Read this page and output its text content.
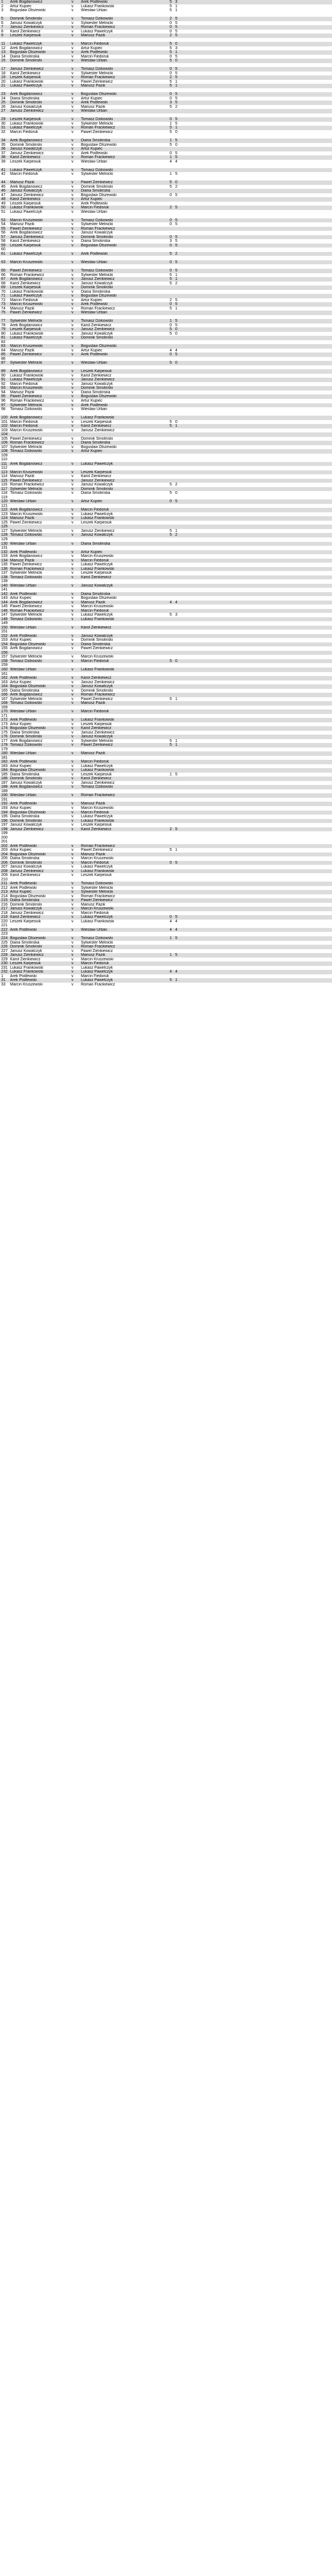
1	Arek Bogdanowicz	v	Arek Podlewski	5 3
2	Artur Kupiec	v	Lukasz Frankowski	5 1
3	Boguslaw Olszewski	v	Wieslaw Urban	5 1
5	Dominik Smolinski	v	Tomasz Dzikowski	2 5
6	Janusz Kowalczyk	v	Sylwester Melnicki	0 5
7	Janusz Zienkiewicz	v	Roman Frackiewicz	0 5
8	Karol Zienkiewicz	v	Lukasz Pawelczyk	0 5
9	Leszek Karpesiuk	v	Mariusz Pazik	2 5
11	Lukasz Pawelczyk	v	Marcin Fiedoruk	5 0
12	Arek Bogdanowicz	v	Artur Kupiec	5 3
13	Boguslaw Olszewski	v	Arek Podlewski	5 1
14	Diana Smolinska	v	Marcin Fiedoruk	0 5
15	Dominik Smolinski	v	Wieslaw Urban	5 0
17	Janusz Zienkiewicz	v	Tomasz Dzikowski	0 5
18	Karol Zienkiewicz	v	Sylwester Melnicki	0 5
19	Leszek Karpesiuk	v	Roman Frackiewicz	2 5
20	Lukasz Frankowski	v	Pawel Zienkiewicz	5 1
21	Lukasz Pawelczyk	v	Mariusz Pazik	5 1
23	Arek Bogdanowicz	v	Boguslaw Olszewski	0 5
24	Diana Smolinska	v	Artur Kupiec	0 5
25	Dominik Smolinski	v	Arek Podlewski	3 5
26	Janusz Kowalczyk	v	Mariusz Pazik	5 2
27	Janusz Zienkiewicz	v	Wieslaw Urban
29	Leszek Karpesiuk	v	Tomasz Dzikowski	0 5
30	Lukasz Frankowski	v	Sylwester Melnicki	1 5
31	Lukasz Pawelczyk	v	Roman Frackiewicz	5 1
32	Marcin Fiedoruk	v	Pawel Zienkiewicz	5 0
34	Arek Bogdanowicz	v	Diana Smolinska	1 5
35	Dominik Smolinski	v	Boguslaw Olszewski	5 0
36	Janusz Kowalczyk	v	Artur Kupiec
37	Janusz Zienkiewicz	v	Arek Podlewski	0 5
38	Karol Zienkiewicz	v	Roman Frackiewicz	1 5
39	Leszek Karpesiuk	v	Wieslaw Urban	4 4
41	Lukasz Pawelczyk	v	Tomasz Dzikowski
42	Marcin Fiedoruk	v	Sylwester Melnicki	1 5
44	Mariusz Pazik	v	Pawel Zienkiewicz	5 0
45	Arek Bogdanowicz	v	Dominik Smolinski	5 2
46	Janusz Kowalczyk	v	Diana Smolinska
47	Janusz Zienkiewicz	v	Boguslaw Olszewski	0 5
48	Karol Zienkiewicz	v	Artur Kupiec
49	Leszek Karpesiuk	v	Arek Podlewski
50	Lukasz Frankowski	v	Marcin Fiedoruk	2 5
51	Lukasz Pawelczyk	v	Wieslaw Urban
53	Marcin Kruszewski	v	Tomasz Dzikowski	0 5
54	Mariusz Pazik	v	Sylwester Melnicki	0 5
55	Pawel Zienkiewicz	v	Roman Frackiewicz
56	Arek Bogdanowicz	v	Janusz Kowalczyk
57	Janusz Zienkiewicz	v	Dominik Smolinski	0 5
58	Karol Zienkiewicz	v	Diana Smolinska	3 5
59	Leszek Karpesiuk	v	Boguslaw Olszewski	0 5
60
61	Lukasz Pawelczyk	v	Arek Podlewski	5 2
63	Marcin Kruszewski	v	Wieslaw Urban	0 5
65	Pawel Zienkiewicz	v	Tomasz Dzikowski	0 5
66	Roman Frackiewicz	v	Sylwester Melnicki	5 1
67	Arek Bogdanowicz	v	Janusz Zienkiewicz	5 1
68	Karol Zienkiewicz	v	Janusz Kowalczyk	5 2
69	Leszek Karpesiuk	v	Dominik Smolinski
70	Lukasz Frankowski	v	Diana Smolinska
71	Lukasz Pawelczyk	v	Boguslaw Olszewski
72	Marcin Fiedoruk	v	Artur Kupiec	2 5
73	Marcin Kruszewski	v	Arek Podlewski	0 5
74	Mariusz Pazik	v	Roman Frackiewicz	5 1
75	Pawel Zienkiewicz	v	Wieslaw Urban
77	Sylwester Melnicki	v	Tomasz Dzikowski	1 5
78	Arek Bogdanowicz	v	Karol Zienkiewicz	0 5
79	Leszek Karpesiuk	v	Janusz Zienkiewicz	5 0
80	Lukasz Frankowski	v	Janusz Kowalczyk	5 0
81	Lukasz Pawelczyk	v	Dominik Smolinski
82
83	Marcin Kruszewski	v	Boguslaw Olszewski
84	Mariusz Pazik	v	Artur Kupiec	4 4
85	Pawel Zienkiewicz	v	Arek Podlewski	0 5
86
87	Sylwester Melnicki	v	Wieslaw Urban	5 0
89	Arek Bogdanowicz	v	Leszek Karpesiuk
90	Lukasz Frankowski	v	Karol Zienkiewicz
91	Lukasz Pawelczyk	v	Janusz Zienkiewicz
92	Marcin Fiedoruk	v	Janusz Kowalczyk
93	Marcin Kruszewski	v	Dominik Smolinski
94	Mariusz Pazik	v	Diana Smolinska
95	Pawel Zienkiewicz	v	Boguslaw Olszewski
96	Roman Frackiewicz	v	Artur Kupiec
97	Sylwester Melnicki	v	Arek Podlewski
98	Tomasz Dzikowski	v	Wieslaw Urban
100 Arek Bogdanowicz	v	Lukasz Frankowski
101 Marcin Fiedoruk	v	Leszek Karpesiuk	5 0
102 Marcin Fiedoruk	v	Karol Zienkiewicz	5 1
103 Marcin Kruszewski	v	Janusz Zienkiewicz
104
105 Pawel Zienkiewicz	v	Dominik Smolinski
106 Roman Frackiewicz	v	Diana Smolinska
107 Sylwester Melnicki	v	Boguslaw Olszewski
108 Tomasz Dzikowski	v	Artur Kupiec
109
110
111 Arek Bogdanowicz	v	Lukasz Pawelczyk
112
113 Marcin Kruszewski	v	Leszek Karpesiuk
114 Mariusz Pazik	v	Karol Zienkiewicz
115 Pawel Zienkiewicz	v	Janusz Zienkiewicz
116 Roman Frackiewicz	v	Janusz Kowalczyk	5 2
117 Sylwester Melnicki	v	Dominik Smolinski
118 Tomasz Dzikowski	v	Diana Smolinska	5 0
119
120 Wieslaw Urban	v	Artur Kupiec	0 5
121
122 Arek Bogdanowicz	v	Marcin Fiedoruk
123 Marcin Kruszewski	v	Lukasz Pawelczyk
124 Mariusz Pazik	v	Lukasz Frankowski
125 Pawel Zienkiewicz	v	Leszek Karpesiuk
126
127 Sylwester Melnicki	v	Janusz Zienkiewicz	5 1
128 Tomasz Dzikowski	v	Janusz Kowalczyk	5 2
129
130 Wieslaw Urban	v	Diana Smolinska
131
132 Arek Podlewski	v	Artur Kupiec
133 Arek Bogdanowicz	v	Marcin Kruszewski
134 Mariusz Pazik	v	Marcin Fiedoruk
135 Pawel Zienkiewicz	v	Lukasz Pawelczyk
136 Roman Frackiewicz	v	Lukasz Frankowski
137 Sylwester Melnicki	v	Leszek Karpesiuk
138 Tomasz Dzikowski	v	Karol Zienkiewicz
139
140 Wieslaw Urban	v	Janusz Kowalczyk
141
142 Arek Podlewski	v	Diana Smolinska
143 Artur Kupiec	v	Boguslaw Olszewski
144 Arek Bogdanowicz	v	Mariusz Pazik	4 4
145 Pawel Zienkiewicz	v	Marcin Kruszewski
146 Roman Frackiewicz	v	Marcin Fiedoruk
147 Sylwester Melnicki	v	Lukasz Pawelczyk	5 3
148 Tomasz Dzikowski	v	Lukasz Frankowski
149
150 Wieslaw Urban	v	Karol Zienkiewicz
151
152 Arek Podlewski	v	Janusz Kowalczyk
153 Artur Kupiec	v	Dominik Smolinski
154 Boguslaw Olszewski	v	Diana Smolinska
155 Arek Bogdanowicz	v	Pawel Zienkiewicz
156
157 Sylwester Melnicki	v	Marcin Kruszewski
158 Tomasz Dzikowski	v	Marcin Fiedoruk	5 0
159
160 Wieslaw Urban	v	Lukasz Frankowski
161
162 Arek Podlewski	v	Karol Zienkiewicz
163 Artur Kupiec	v	Janusz Zienkiewicz
164 Boguslaw Olszewski	v	Janusz Kowalczyk
165 Diana Smolinska	v	Dominik Smolinski
166 Arek Bogdanowicz	v	Roman Frackiewicz
167 Sylwester Melnicki	v	Pawel Zienkiewicz	5 1
168 Tomasz Dzikowski	v	Mariusz Pazik
169
170 Wieslaw Urban	v	Marcin Fiedoruk
171
172 Arek Podlewski	v	Lukasz Frankowski
173 Artur Kupiec	v	Leszek Karpesiuk
174 Boguslaw Olszewski	v	Karol Zienkiewicz
175 Diana Smolinska	v	Janusz Zienkiewicz
176 Dominik Smolinski	v	Janusz Kowalczyk
177 Arek Bogdanowicz	v	Sylwester Melnicki	5 1
178 Tomasz Dzikowski	v	Pawel Zienkiewicz	5 1
179
180 Wieslaw Urban	v	Mariusz Pazik
181
182 Arek Podlewski	v	Marcin Fiedoruk
183 Artur Kupiec	v	Lukasz Pawelczyk
184 Boguslaw Olszewski	v	Lukasz Frankowski
185 Diana Smolinska	v	Leszek Karpesiuk	1 5
186 Dominik Smolinski	v	Karol Zienkiewicz
187 Janusz Kowalczyk	v	Janusz Zienkiewicz
188 Arek Bogdanowicz	v	Tomasz Dzikowski
189
190 Wieslaw Urban	v	Roman Frackiewicz
191
192 Arek Podlewski	v	Mariusz Pazik
193 Artur Kupiec	v	Marcin Kruszewski
194 Boguslaw Olszewski	v	Marcin Fiedoruk
195 Diana Smolinska	v	Lukasz Pawelczyk
196 Dominik Smolinski	v	Lukasz Frankowski
197 Janusz Kowalczyk	v	Leszek Karpesiuk
198 Janusz Zienkiewicz	v	Karol Zienkiewicz	2 5
199
200
201
202 Arek Podlewski	v	Roman Frackiewicz
203 Artur Kupiec	v	Pawel Zienkiewicz	5 1
204 Boguslaw Olszewski	v	Mariusz Pazik
205 Diana Smolinska	v	Marcin Kruszewski
206 Dominik Smolinski	v	Marcin Fiedoruk	0 5
207 Janusz Kowalczyk	v	Lukasz Pawelczyk
208 Janusz Zienkiewicz	v	Lukasz Frankowski
209 Karol Zienkiewicz	v	Leszek Karpesiuk
210
211 Arek Podlewski	v	Tomasz Dzikowski
212 Arek Podlewski	v	Sylwester Melnicki
213 Artur Kupiec	v	Sylwester Melnicki
214 Boguslaw Olszewski	v	Roman Frackiewicz
215 Diana Smolinska	v	Pawel Zienkiewicz
216 Dominik Smolinski	v	Mariusz Pazik
217 Janusz Kowalczyk	v	Marcin Kruszewski
218 Janusz Zienkiewicz	v	Marcin Fiedoruk
219 Karol Zienkiewicz	v	Lukasz Pawelczyk	0 5
220 Leszek Karpesiuk	v	Lukasz Frankowski	4 4
221
222 Arek Podlewski	v	Wieslaw Urban	4 4
223
224 Boguslaw Olszewski	v	Tomasz Dzikowski	1 5
225 Diana Smolinska	v	Sylwester Melnicki
226 Dominik Smolinski	v	Roman Frackiewicz
227 Janusz Kowalczyk	v	Pawel Zienkiewicz
228 Janusz Zienkiewicz	v	Mariusz Pazik	1 5
229 Karol Zienkiewicz	v	Marcin Kruszewski
230 Leszek Karpesiuk	v	Marcin Fiedoruk
231 Lukasz Frankowski	v	Lukasz Pawelczyk
232 Lukasz Frankowski	v	Lukasz Pawelczyk	4 4
1	Arek Podlewski	v	Marcin Fiedoruk
31	Arek Podlewski	v	Lukasz Pawelczyk	5 1
33	Marcin Kruszewski	v	Roman Frackiewicz
